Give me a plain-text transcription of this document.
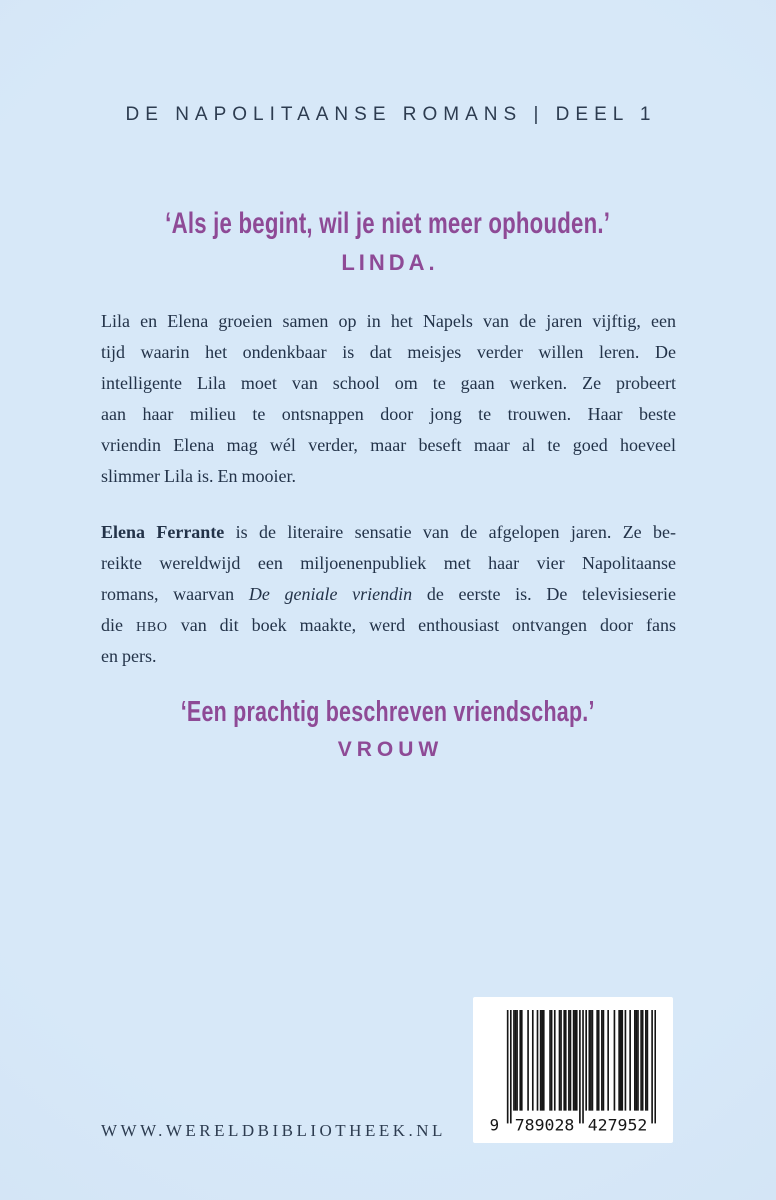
DE NAPOLITAANSE ROMANS | DEEL 1
‘Als je begint, wil je niet meer ophouden.’
LINDA.
Lila en Elena groeien samen op in het Napels van de jaren vijftig, een
tijd waarin het ondenkbaar is dat meisjes verder willen leren. De
intelligente Lila moet van school om te gaan werken. Ze probeert
aan haar milieu te ontsnappen door jong te trouwen. Haar beste
vriendin Elena mag wél verder, maar beseft maar al te goed hoeveel
slimmer Lila is. En mooier.
Elena Ferrante is de literaire sensatie van de afgelopen jaren. Ze be-
reikte wereldwijd een miljoenenpubliek met haar vier Napolitaanse
romans, waarvan De geniale vriendin de eerste is. De televisieserie
die HBO van dit boek maakte, werd enthousiast ontvangen door fans
en pers.
‘Een prachtig beschreven vriendschap.’
VROUW
9 789028 427952
WWW.WERELDBIBLIOTHEEK.NL
